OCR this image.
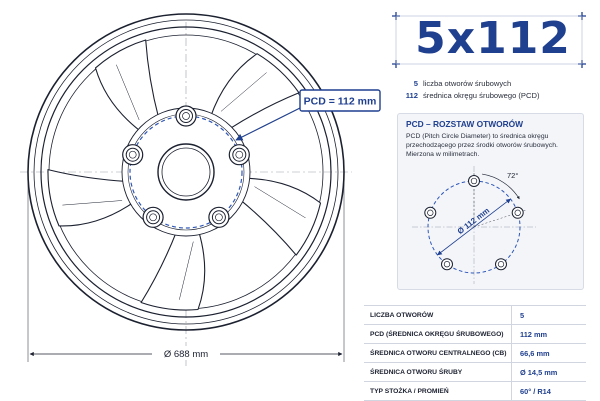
Ø 688 mm
PCD = 112 mm
5x112
5 liczba otworów śrubowych
112 średnica okręgu śrubowego (PCD)
PCD – ROZSTAW OTWORÓW
PCD (Pitch Circle Diameter) to średnica okręgu
przechodzącego przez środki otworów śrubowych.
Mierzona w milimetrach.
72°
Ø 112 mm
LICZBA OTWORÓW	5
PCD (ŚREDNICA OKRĘGU ŚRUBOWEGO)	112 mm
ŚREDNICA OTWORU CENTRALNEGO (CB)	66,6 mm
ŚREDNICA OTWORU ŚRUBY	Ø 14,5 mm
TYP STOŻKA / PROMIEŃ	60° / R14
